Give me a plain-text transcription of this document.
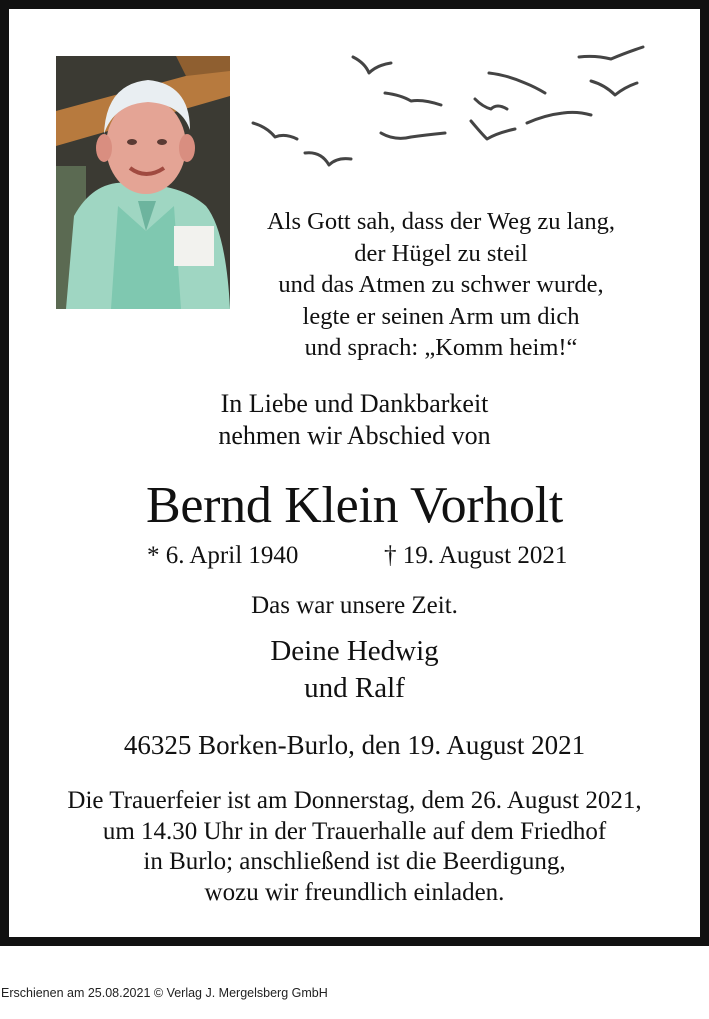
Als Gott sah, dass der Weg zu lang,
der Hügel zu steil
und das Atmen zu schwer wurde,
legte er seinen Arm um dich
und sprach: „Komm heim!“
In Liebe und Dankbarkeit
nehmen wir Abschied von
Bernd Klein Vorholt
* 6. April 1940	† 19. August 2021
Das war unsere Zeit.
Deine Hedwig
und Ralf
46325 Borken-Burlo, den 19. August 2021
Die Trauerfeier ist am Donnerstag, dem 26. August 2021,
um 14.30 Uhr in der Trauerhalle auf dem Friedhof
in Burlo; anschließend ist die Beerdigung,
wozu wir freundlich einladen.
Erschienen am 25.08.2021 © Verlag J. Mergelsberg GmbH
